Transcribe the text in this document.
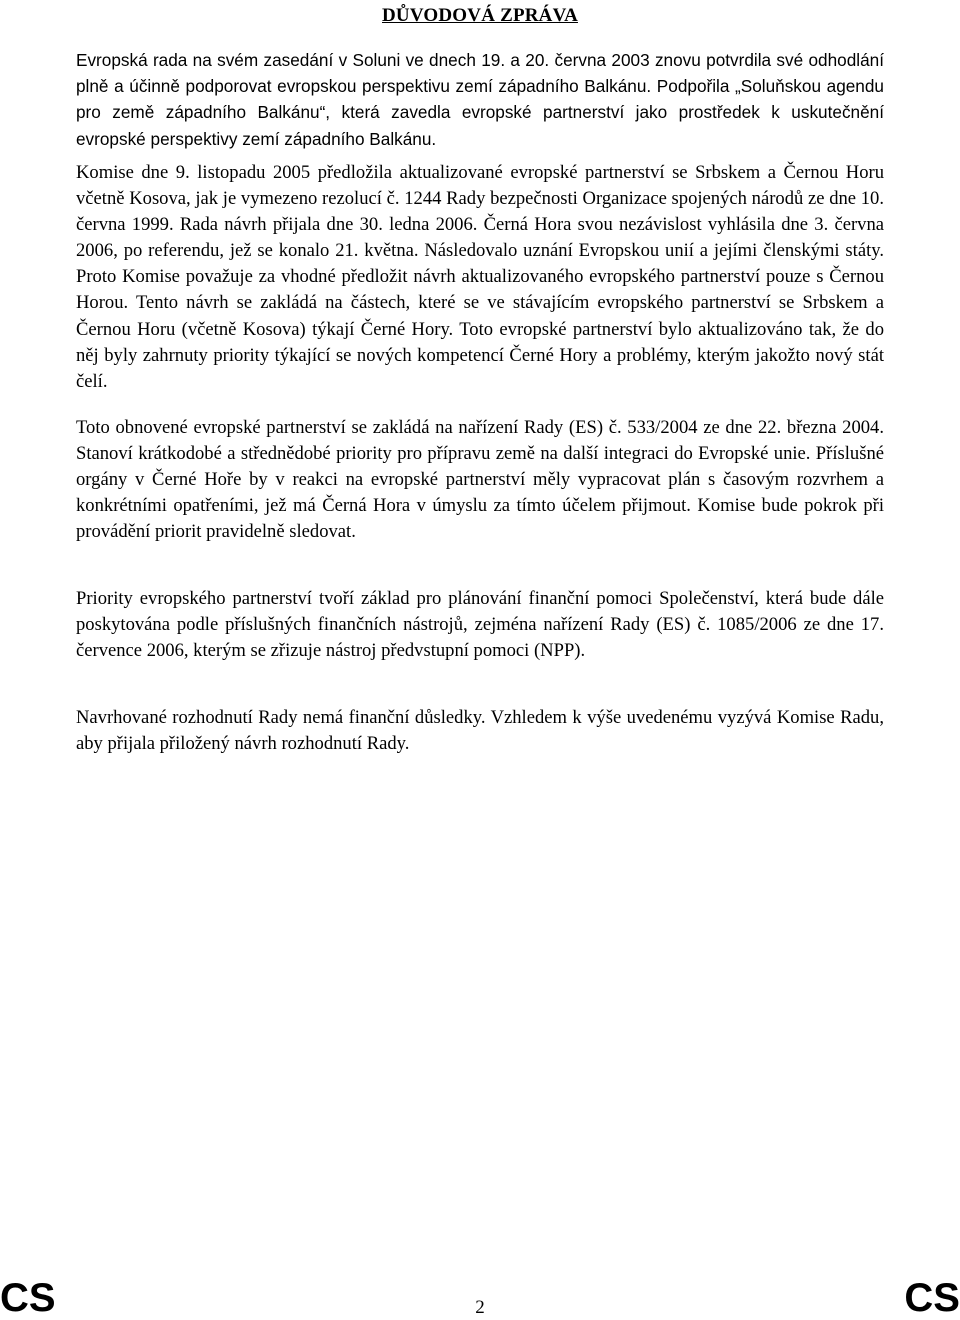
DŮVODOVÁ ZPRÁVA

Evropská rada na svém zasedání v Soluni ve dnech 19. a 20. června 2003 znovu potvrdila své odhodlání plně a účinně podporovat evropskou perspektivu zemí západního Balkánu. Podpořila „Soluňskou agendu pro země západního Balkánu“, která zavedla evropské partnerství jako prostředek k uskutečnění evropské perspektivy zemí západního Balkánu.

Komise dne 9. listopadu 2005 předložila aktualizované evropské partnerství se Srbskem a Černou Horu včetně Kosova, jak je vymezeno rezolucí č. 1244 Rady bezpečnosti Organizace spojených národů ze dne 10. června 1999. Rada návrh přijala dne 30. ledna 2006. Černá Hora svou nezávislost vyhlásila dne 3. června 2006, po referendu, jež se konalo 21. května. Následovalo uznání Evropskou unií a jejími členskými státy. Proto Komise považuje za vhodné předložit návrh aktualizovaného evropského partnerství pouze s Černou Horou. Tento návrh se zakládá na částech, které se ve stávajícím evropského partnerství se Srbskem a Černou Horu (včetně Kosova) týkají Černé Hory. Toto evropské partnerství bylo aktualizováno tak, že do něj byly zahrnuty priority týkající se nových kompetencí Černé Hory a problémy, kterým jakožto nový stát čelí.

Toto obnovené evropské partnerství se zakládá na nařízení Rady (ES) č. 533/2004 ze dne 22. března 2004. Stanoví krátkodobé a střednědobé priority pro přípravu země na další integraci do Evropské unie. Příslušné orgány v Černé Hoře by v reakci na evropské partnerství měly vypracovat plán s časovým rozvrhem a konkrétními opatřeními, jež má Černá Hora v úmyslu za tímto účelem přijmout. Komise bude pokrok při provádění priorit pravidelně sledovat.

Priority evropského partnerství tvoří základ pro plánování finanční pomoci Společenství, která bude dále poskytována podle příslušných finančních nástrojů, zejména nařízení Rady (ES) č. 1085/2006 ze dne 17. července 2006, kterým se zřizuje nástroj předvstupní pomoci (NPP).

Navrhované rozhodnutí Rady nemá finanční důsledky. Vzhledem k výše uvedenému vyzývá Komise Radu, aby přijala přiložený návrh rozhodnutí Rady.

CS	2	CS
